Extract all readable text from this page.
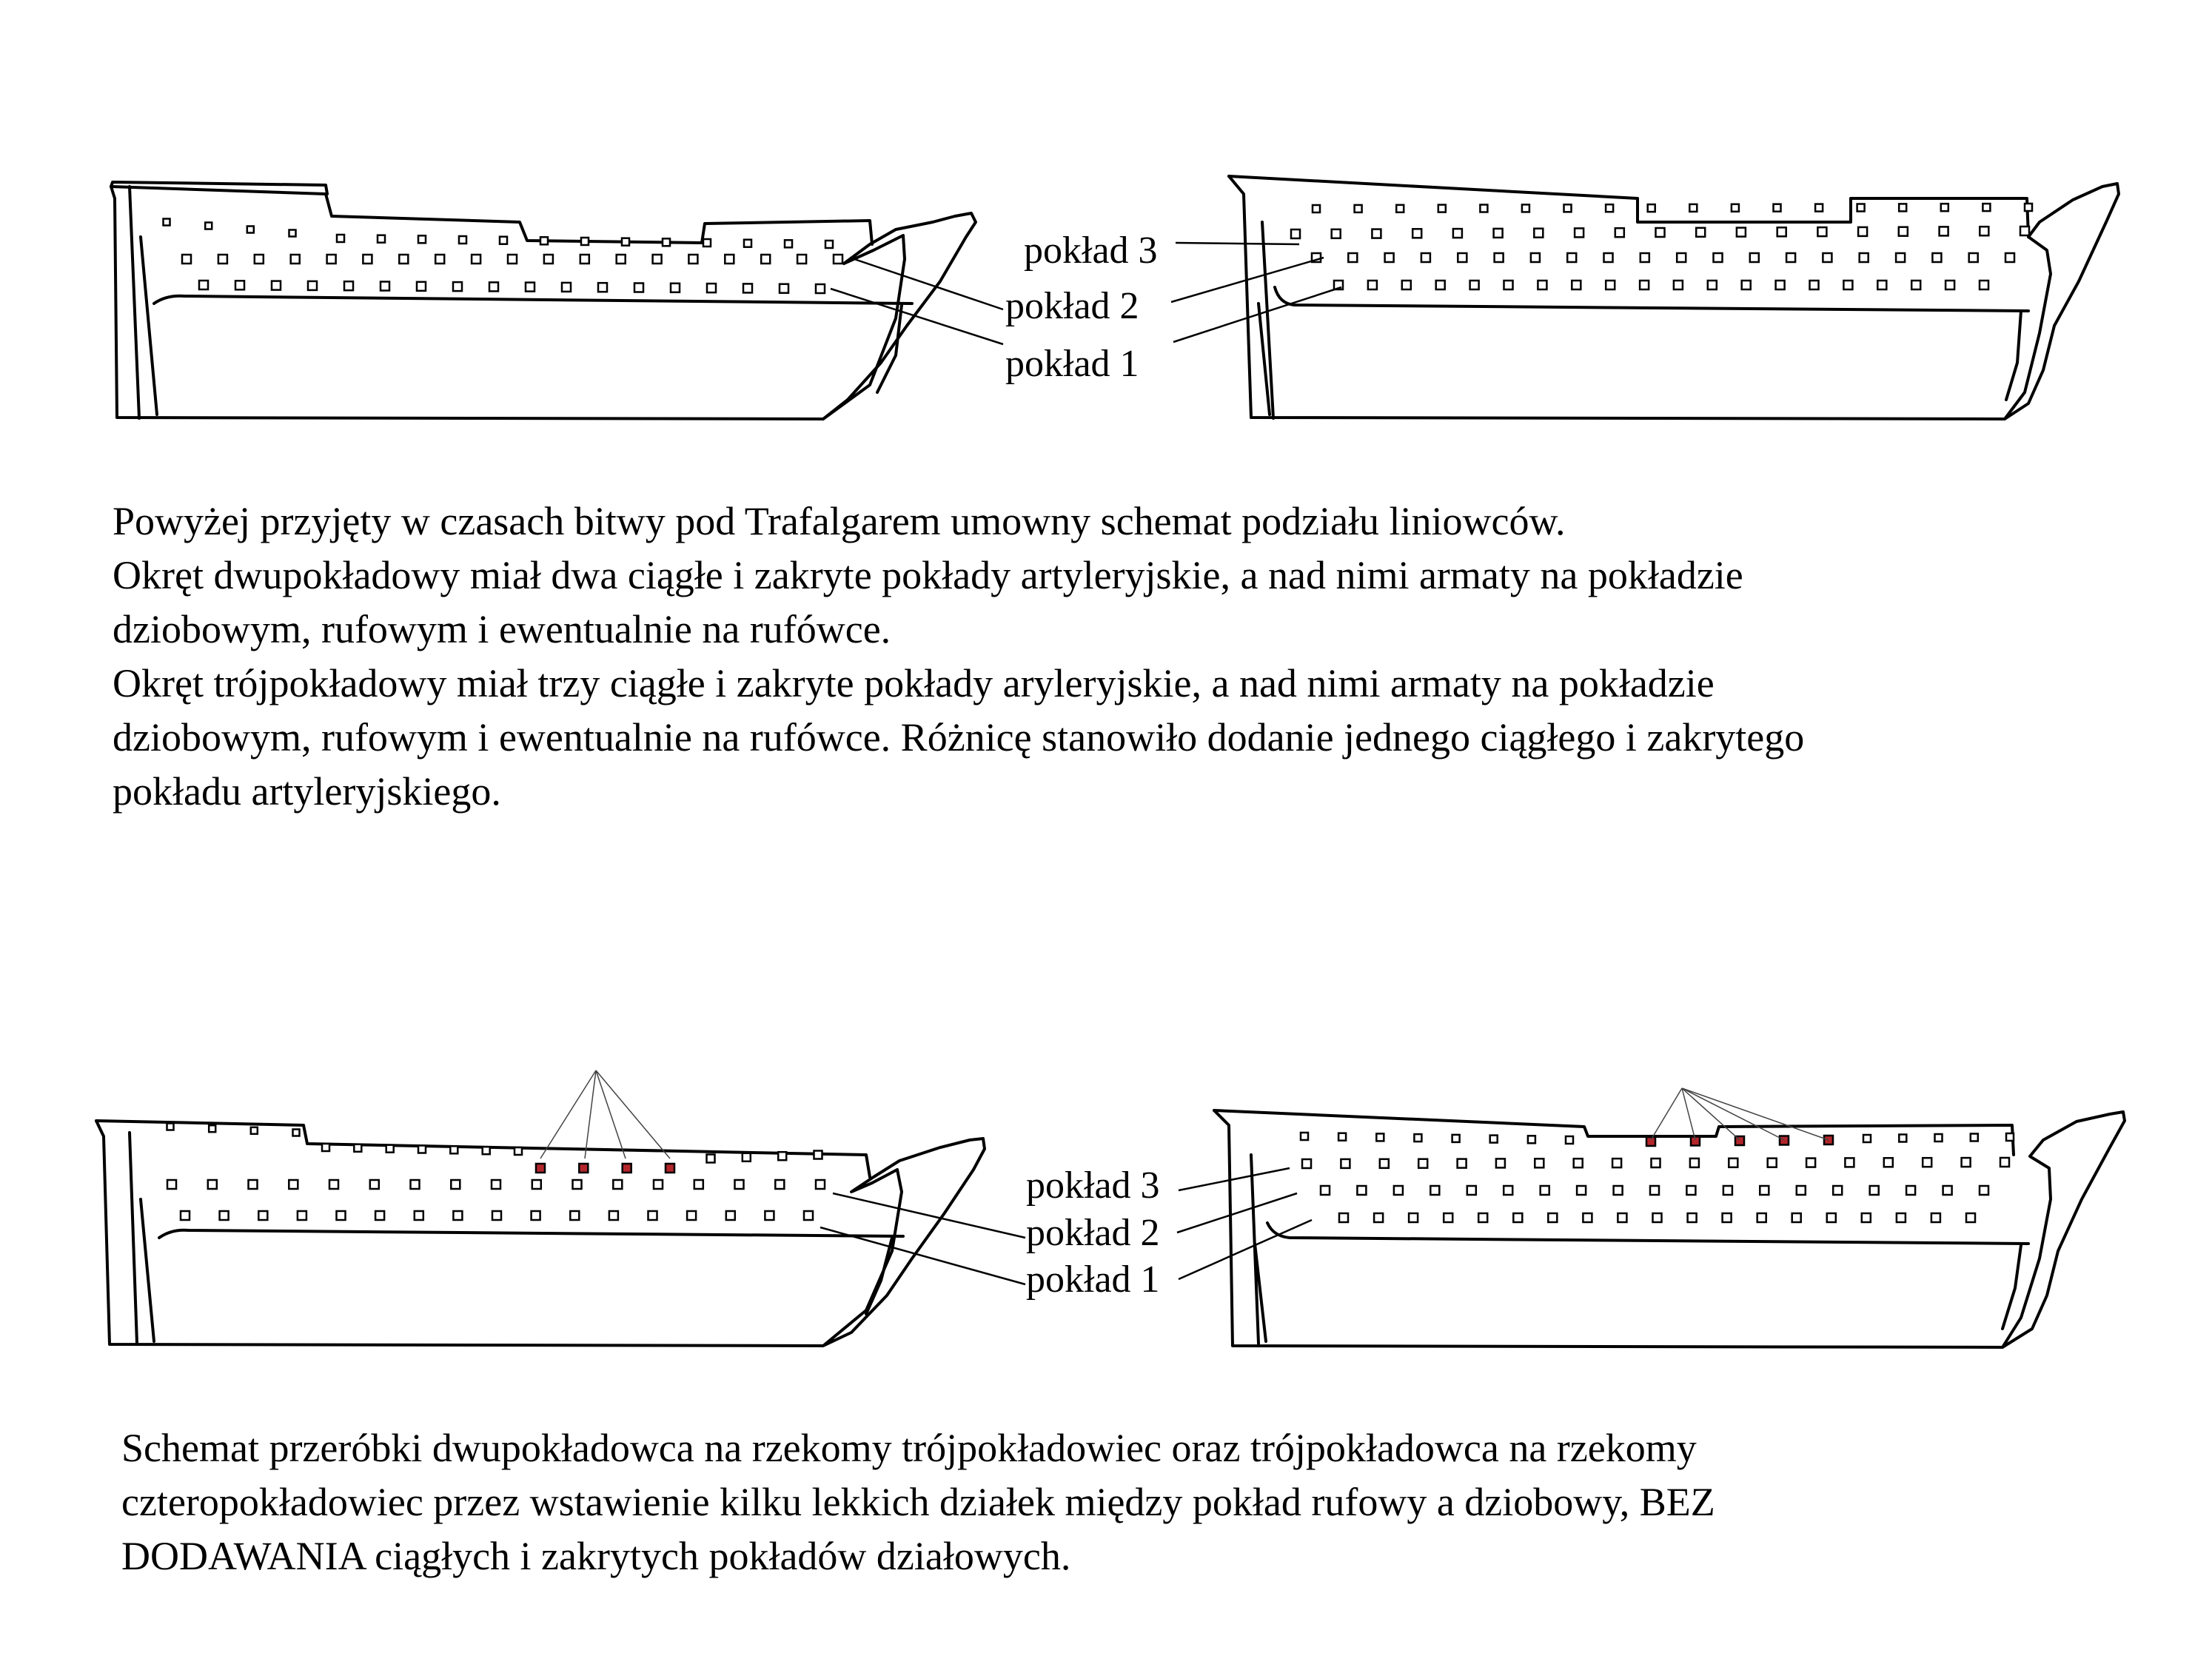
pokład 3
pokład 2
pokład 1
pokład 3
pokład 2
pokład 1
Powyżej przyjęty w czasach bitwy pod Trafalgarem umowny schemat podziału liniowców.
Okręt dwupokładowy miał dwa ciągłe i zakryte pokłady artyleryjskie, a nad nimi armaty na pokładzie
dziobowym, rufowym i ewentualnie na rufówce.
Okręt trójpokładowy miał trzy ciągłe i zakryte pokłady aryleryjskie, a nad nimi armaty na pokładzie
dziobowym, rufowym i ewentualnie na rufówce. Różnicę stanowiło dodanie jednego ciągłego i zakrytego
pokładu artyleryjskiego.
Schemat przeróbki dwupokładowca na rzekomy trójpokładowiec oraz trójpokładowca na rzekomy
czteropokładowiec przez wstawienie kilku lekkich działek między pokład rufowy a dziobowy, BEZ
DODAWANIA ciągłych i zakrytych pokładów działowych.
